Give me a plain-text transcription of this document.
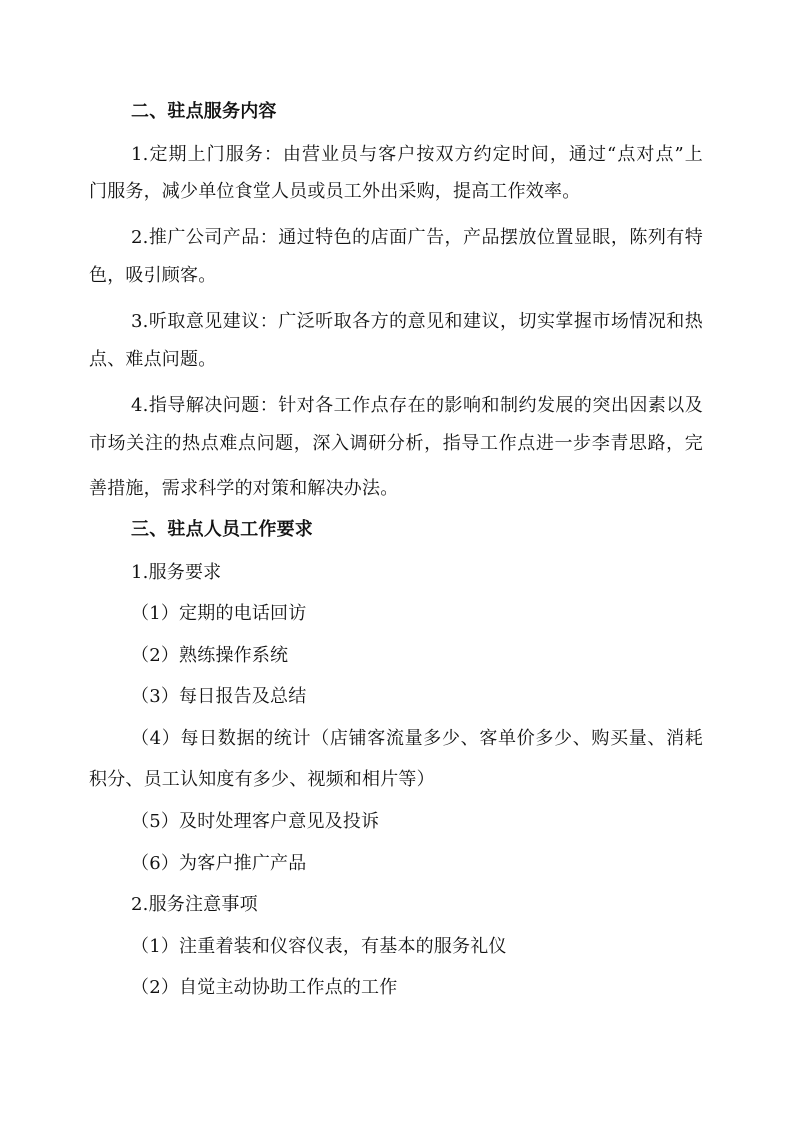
二、驻点服务内容
1.定期上门服务：由营业员与客户按双方约定时间，通过“点对点”上
门服务，减少单位食堂人员或员工外出采购，提高工作效率。
2.推广公司产品：通过特色的店面广告，产品摆放位置显眼，陈列有特
色，吸引顾客。
3.听取意见建议：广泛听取各方的意见和建议，切实掌握市场情况和热
点、难点问题。
4.指导解决问题：针对各工作点存在的影响和制约发展的突出因素以及
市场关注的热点难点问题，深入调研分析，指导工作点进一步李青思路，完
善措施，需求科学的对策和解决办法。
三、驻点人员工作要求
1.服务要求
（1）定期的电话回访
（2）熟练操作系统
（3）每日报告及总结
（4）每日数据的统计（店铺客流量多少、客单价多少、购买量、消耗
积分、员工认知度有多少、视频和相片等）
（5）及时处理客户意见及投诉
（6）为客户推广产品
2.服务注意事项
（1）注重着装和仪容仪表，有基本的服务礼仪
（2）自觉主动协助工作点的工作
